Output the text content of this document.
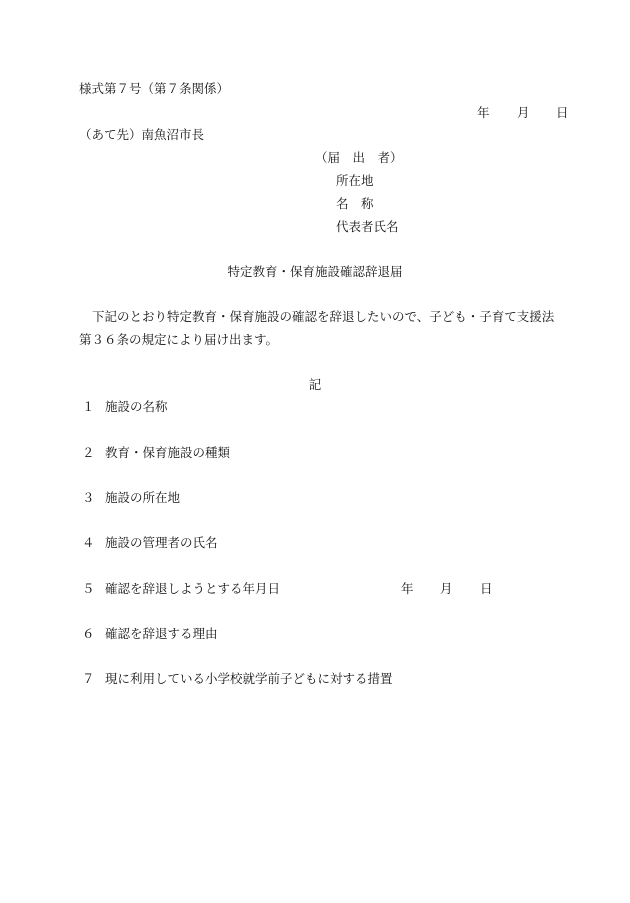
様式第７号（第７条関係）
年 月 日
（あて先）南魚沼市長
（届　出　者）
所在地
名　称
代表者氏名
特定教育・保育施設確認辞退届
下記のとおり特定教育・保育施設の確認を辞退したいので、子ども・子育て支援法
第３６条の規定により届け出ます。
記
１ 施設の名称
２ 教育・保育施設の種類
３ 施設の所在地
４ 施設の管理者の氏名
５ 確認を辞退しようとする年月日	年 月 日
６ 確認を辞退する理由
７ 現に利用している小学校就学前子どもに対する措置
